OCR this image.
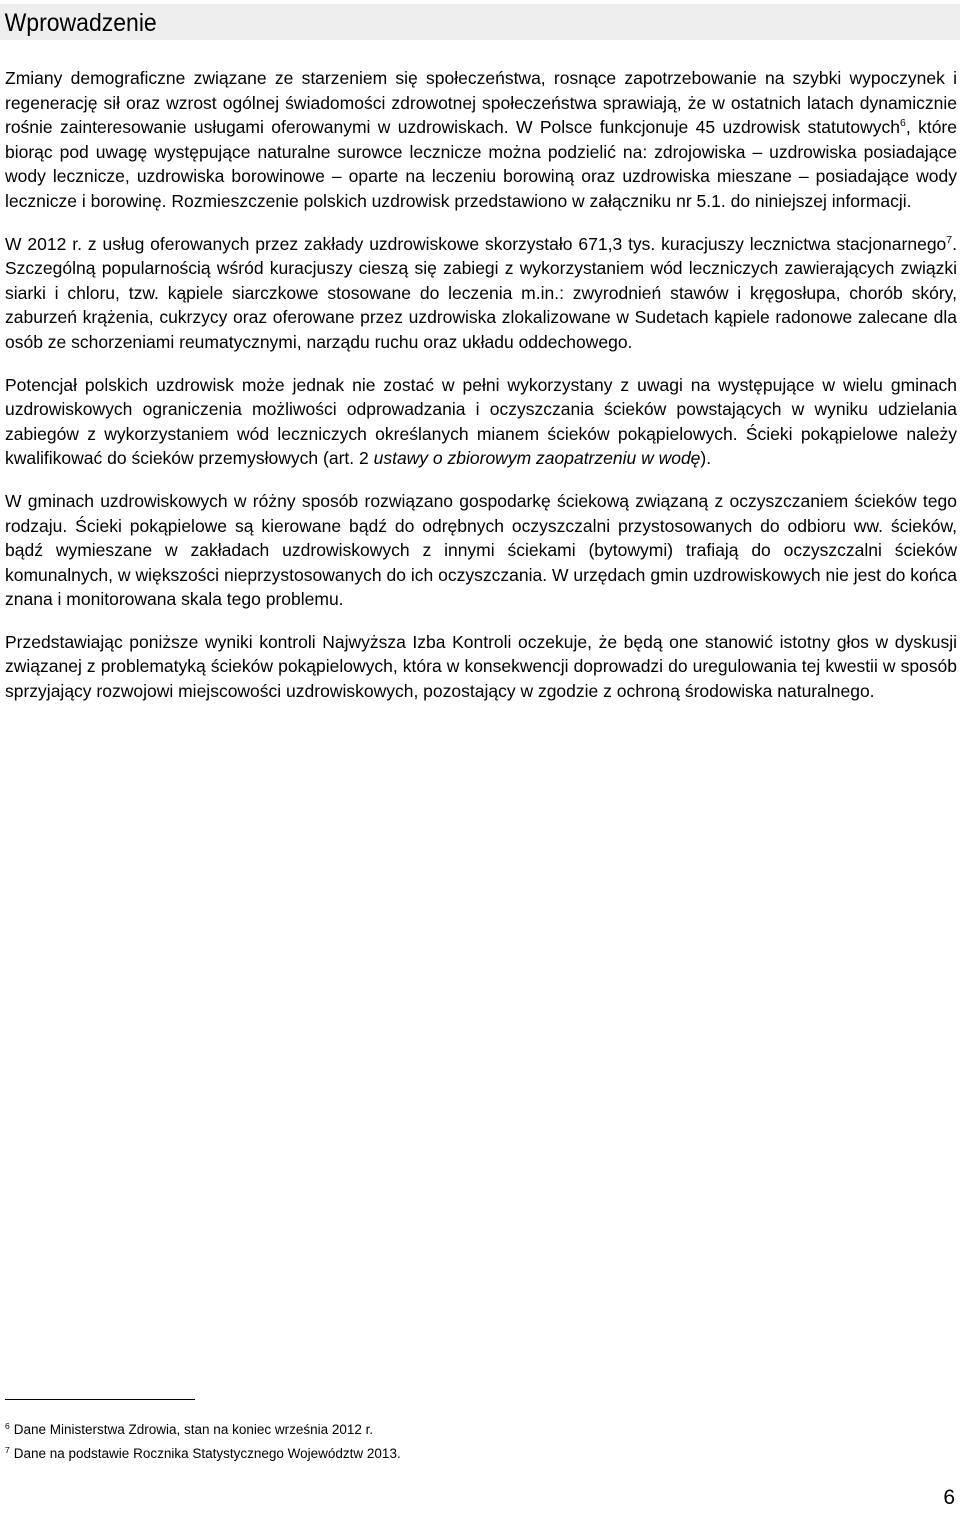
Wprowadzenie

Zmiany demograficzne związane ze starzeniem się społeczeństwa, rosnące zapotrzebowanie na szybki wypoczynek i regenerację sił oraz wzrost ogólnej świadomości zdrowotnej społeczeństwa sprawiają, że w ostatnich latach dynamicznie rośnie zainteresowanie usługami oferowanymi w uzdrowiskach. W Polsce funkcjonuje 45 uzdrowisk statutowych$^6$, które biorąc pod uwagę występujące naturalne surowce lecznicze można podzielić na: zdrojowiska – uzdrowiska posiadające wody lecznicze, uzdrowiska borowinowe – oparte na leczeniu borowiną oraz uzdrowiska mieszane – posiadające wody lecznicze i borowinę. Rozmieszczenie polskich uzdrowisk przedstawiono w załączniku nr 5.1. do niniejszej informacji.

W 2012 r. z usług oferowanych przez zakłady uzdrowiskowe skorzystało 671,3 tys. kuracjuszy lecznictwa stacjonarnego$^7$. Szczególną popularnością wśród kuracjuszy cieszą się zabiegi z wykorzystaniem wód leczniczych zawierających związki siarki i chloru, tzw. kąpiele siarczkowe stosowane do leczenia m.in.: zwyrodnień stawów i kręgosłupa, chorób skóry, zaburzeń krążenia, cukrzycy oraz oferowane przez uzdrowiska zlokalizowane w Sudetach kąpiele radonowe zalecane dla osób ze schorzeniami reumatycznymi, narządu ruchu oraz układu oddechowego.

Potencjał polskich uzdrowisk może jednak nie zostać w pełni wykorzystany z uwagi na występujące w wielu gminach uzdrowiskowych ograniczenia możliwości odprowadzania i oczyszczania ścieków powstających w wyniku udzielania zabiegów z wykorzystaniem wód leczniczych określanych mianem ścieków pokąpielowych. Ścieki pokąpielowe należy kwalifikować do ścieków przemysłowych (art. 2 ustawy o zbiorowym zaopatrzeniu w wodę).

W gminach uzdrowiskowych w różny sposób rozwiązano gospodarkę ściekową związaną z oczyszczaniem ścieków tego rodzaju. Ścieki pokąpielowe są kierowane bądź do odrębnych oczyszczalni przystosowanych do odbioru ww. ścieków, bądź wymieszane w zakładach uzdrowiskowych z innymi ściekami (bytowymi) trafiają do oczyszczalni ścieków komunalnych, w większości nieprzystosowanych do ich oczyszczania. W urzędach gmin uzdrowiskowych nie jest do końca znana i monitorowana skala tego problemu.

Przedstawiając poniższe wyniki kontroli Najwyższa Izba Kontroli oczekuje, że będą one stanowić istotny głos w dyskusji związanej z problematyką ścieków pokąpielowych, która w konsekwencji doprowadzi do uregulowania tej kwestii w sposób sprzyjający rozwojowi miejscowości uzdrowiskowych, pozostający w zgodzie z ochroną środowiska naturalnego.

$^6$ Dane Ministerstwa Zdrowia, stan na koniec września 2012 r.
$^7$ Dane na podstawie Rocznika Statystycznego Województw 2013.
6
